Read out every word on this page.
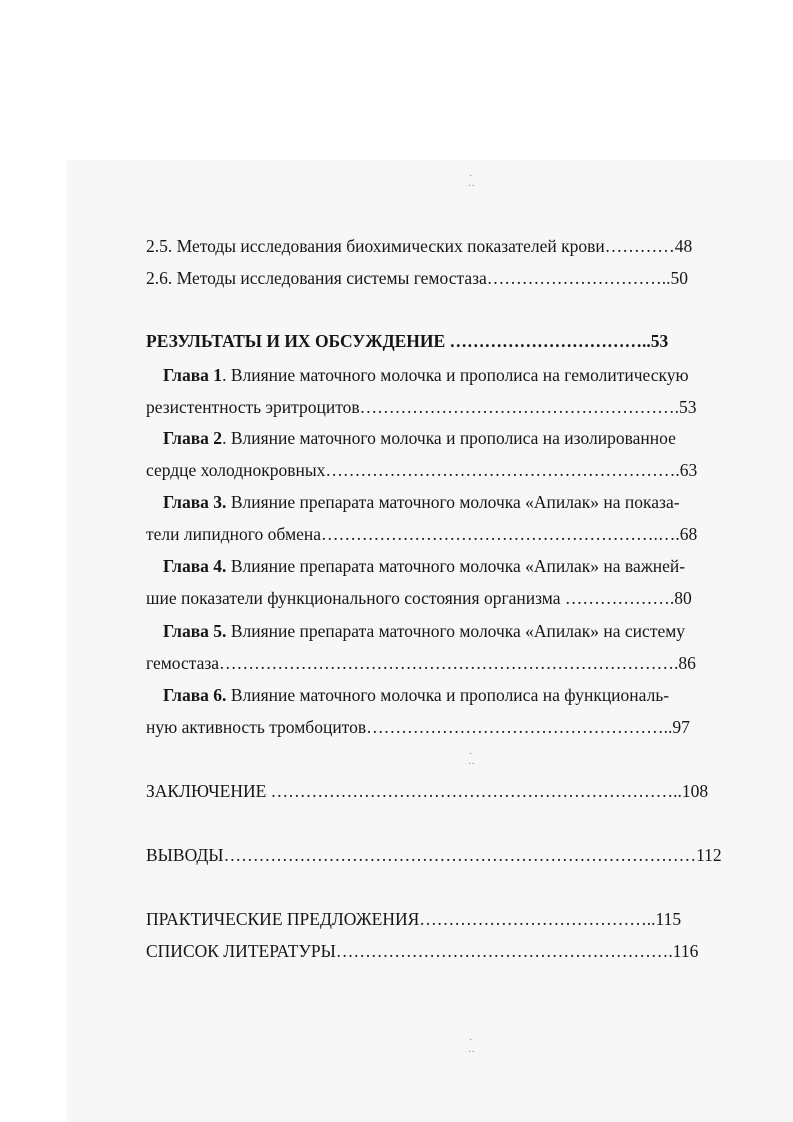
·
··
·
··
·
··
2.5. Методы исследования биохимических показателей крови…………48
2.6. Методы исследования системы гемостаза…………………………..50
РЕЗУЛЬТАТЫ И ИХ ОБСУЖДЕНИЕ ……………………………..53
Глава 1. Влияние маточного молочка и прополиса на гемолитическую
резистентность эритроцитов……………………………………………….53
Глава 2. Влияние маточного молочка и прополиса на изолированное
сердце холоднокровных…………………………………………………….63
Глава 3. Влияние препарата маточного молочка «Апилак» на показа-
тели липидного обмена………………………………………………….….68
Глава 4. Влияние препарата маточного молочка «Апилак» на важней-
шие показатели функционального состояния организма ……………….80
Глава 5. Влияние препарата маточного молочка «Апилак» на систему
гемостаза…………………………………………………………………….86
Глава 6. Влияние маточного молочка и прополиса на функциональ-
ную активность тромбоцитов……………………………………………..97
ЗАКЛЮЧЕНИЕ ……………………………………………………………..108
ВЫВОДЫ………………………………………………………………………112
ПРАКТИЧЕСКИЕ ПРЕДЛОЖЕНИЯ…………………………………..115
СПИСОК ЛИТЕРАТУРЫ………………………………………………….116
